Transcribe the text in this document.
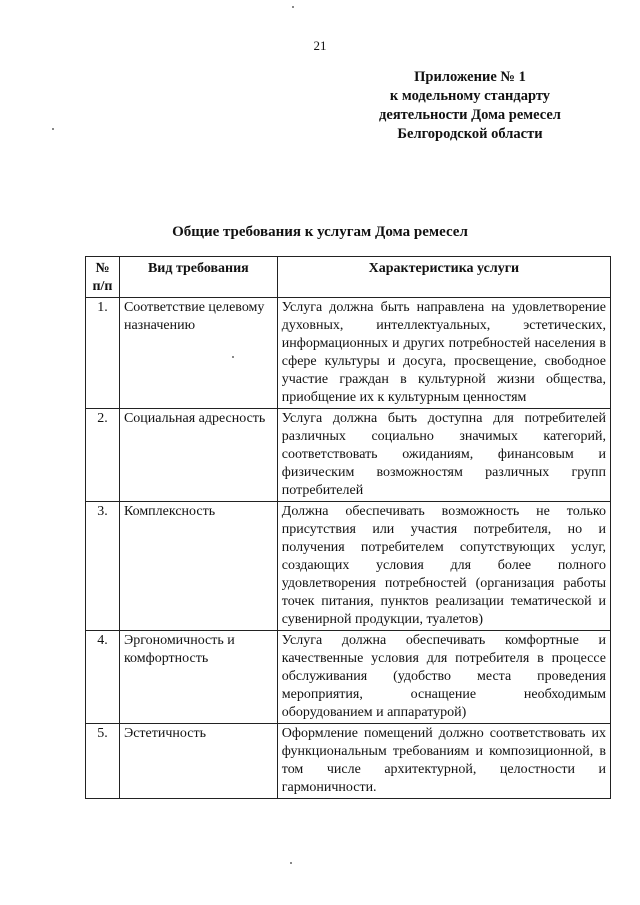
21
Приложение № 1
к модельному стандарту
деятельности Дома ремесел
Белгородской области
Общие требования к услугам Дома ремесел
№ п/п	Вид требования	Характеристика услуги
1.	Соответствие целевому назначению	Услуга должна быть направлена на удовлетворение духовных, интеллектуальных, эстетических, информационных и других потребностей населения в сфере культуры и досуга, просвещение, свободное участие граждан в культурной жизни общества, приобщение их к культурным ценностям
2.	Социальная адресность	Услуга должна быть доступна для потребителей различных социально значимых категорий, соответствовать ожиданиям, финансовым и физическим возможностям различных групп потребителей
3.	Комплексность	Должна обеспечивать возможность не только присутствия или участия потребителя, но и получения потребителем сопутствующих услуг, создающих условия для более полного удовлетворения потребностей (организация работы точек питания, пунктов реализации тематической и сувенирной продукции, туалетов)
4.	Эргономичность и комфортность	Услуга должна обеспечивать комфортные и качественные условия для потребителя в процессе обслуживания (удобство места проведения мероприятия, оснащение необходимым оборудованием и аппаратурой)
5.	Эстетичность	Оформление помещений должно соответствовать их функциональным требованиям и композиционной, в том числе архитектурной, целостности и гармоничности.
